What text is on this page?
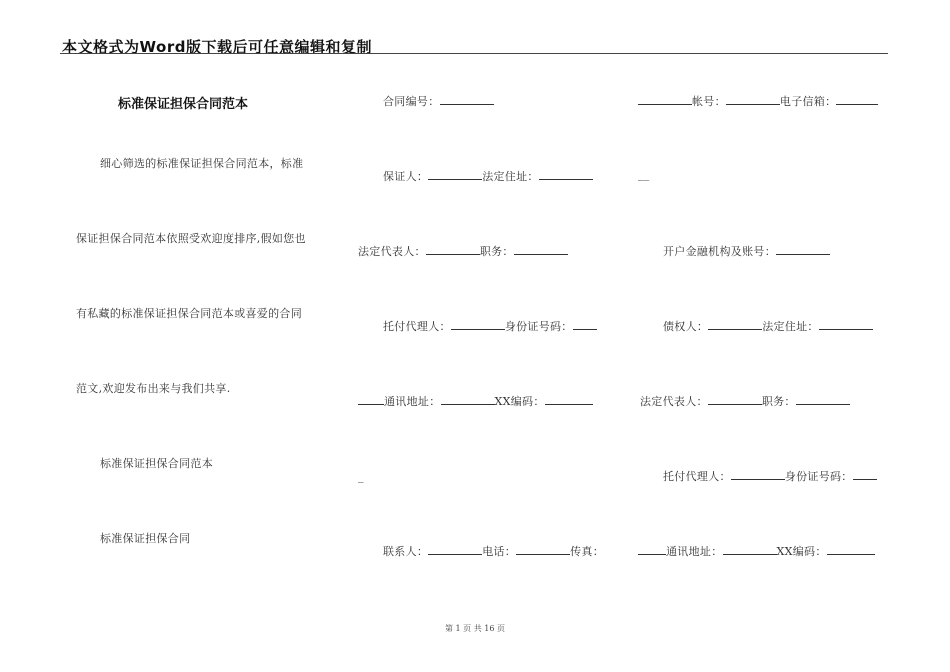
本文格式为Word版下载后可任意编辑和复制
标准保证担保合同范本
细心筛选的标准保证担保合同范本，标准
保证担保合同范本依照受欢迎度排序,假如您也
有私藏的标准保证担保合同范本或喜爱的合同
范文,欢迎发布出来与我们共享.
标准保证担保合同范本
标准保证担保合同
合同编号：
保证人：	法定住址：
法定代表人：	职务：
托付代理人：	身份证号码：
通讯地址：	XX编码：
_
联系人：	电话：	传真：
帐号：	电子信箱：
__
开户金融机构及账号：
债权人：	法定住址：
法定代表人：	职务：
托付代理人：	身份证号码：
通讯地址：	XX编码：
第 1 页 共 16 页
